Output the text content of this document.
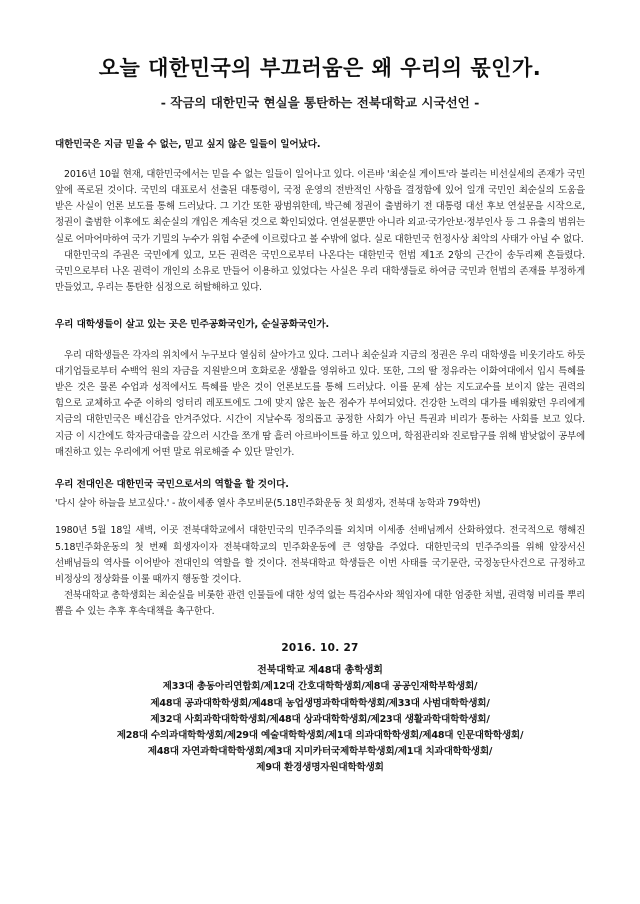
오늘 대한민국의 부끄러움은 왜 우리의 몫인가.

- 작금의 대한민국 현실을 통탄하는 전북대학교 시국선언 -

대한민국은 지금 믿을 수 없는, 믿고 싶지 않은 일들이 일어났다.

2016년 10월 현재, 대한민국에서는 믿을 수 없는 일들이 일어나고 있다. 이른바 '최순실 게이트'라 불리는 비선실세의 존재가 국민 앞에 폭로된 것이다. 국민의 대표로서 선출된 대통령이, 국정 운영의 전반적인 사항을 결정함에 있어 일개 국민인 최순실의 도움을 받은 사실이 언론 보도를 통해 드러났다. 그 기간 또한 광범위한데, 박근혜 정권이 출범하기 전 대통령 대선 후보 연설문을 시작으로, 정권이 출범한 이후에도 최순실의 개입은 계속된 것으로 확인되었다. 연설문뿐만 아니라 외교·국가안보·정부인사 등 그 유출의 범위는 실로 어마어마하여 국가 기밀의 누수가 위험 수준에 이르렀다고 볼 수밖에 없다. 실로 대한민국 헌정사상 최악의 사태가 아닐 수 없다.

대한민국의 주권은 국민에게 있고, 모든 권력은 국민으로부터 나온다는 대한민국 헌법 제1조 2항의 근간이 송두리째 흔들렸다. 국민으로부터 나온 권력이 개인의 소유로 만들어 이용하고 있었다는 사실은 우리 대학생들로 하여금 국민과 헌법의 존재를 부정하게 만들었고, 우리는 통탄한 심정으로 허탈해하고 있다.

우리 대학생들이 살고 있는 곳은 민주공화국인가, 순실공화국인가.

우리 대학생들은 각자의 위치에서 누구보다 열심히 살아가고 있다. 그러나 최순실과 지금의 정권은 우리 대학생을 비웃기라도 하듯 대기업들로부터 수백억 원의 자금을 지원받으며 호화로운 생활을 영위하고 있다. 또한, 그의 딸 정유라는 이화여대에서 입시 특혜를 받은 것은 물론 수업과 성적에서도 특혜를 받은 것이 언론보도를 통해 드러났다. 이를 문제 삼는 지도교수를 보이지 않는 권력의 힘으로 교체하고 수준 이하의 엉터리 레포트에도 그에 맞지 않은 높은 점수가 부여되었다. 건강한 노력의 대가를 배워왔던 우리에게 지금의 대한민국은 배신감을 안겨주었다. 시간이 지날수록 정의롭고 공정한 사회가 아닌 특권과 비리가 통하는 사회를 보고 있다. 지금 이 시간에도 학자금대출을 갚으러 시간을 쪼개 땀 흘러 아르바이트를 하고 있으며, 학점관리와 진로탐구를 위해 밤낮없이 공부에 매진하고 있는 우리에게 어떤 말로 위로해줄 수 있단 말인가.

우리 전대인은 대한민국 국민으로서의 역할을 할 것이다.

'다시 살아 하늘을 보고싶다.' - 故이세종 열사 추모비문(5.18민주화운동 첫 희생자, 전북대 농학과 79학번)

1980년 5월 18일 새벽, 이곳 전북대학교에서 대한민국의 민주주의를 외치며 이세종 선배님께서 산화하였다. 전국적으로 행해진 5.18민주화운동의 첫 번째 희생자이자 전북대학교의 민주화운동에 큰 영향을 주었다. 대한민국의 민주주의를 위해 앞장서신 선배님들의 역사를 이어받아 전대인의 역할을 할 것이다. 전북대학교 학생들은 이번 사태를 국기문란, 국정농단사건으로 규정하고 비정상의 정상화를 이룰 때까지 행동할 것이다.

전북대학교 총학생회는 최순실을 비롯한 관련 인물들에 대한 성역 없는 특검수사와 책임자에 대한 엄중한 처벌, 권력형 비리를 뿌리 뽑을 수 있는 추후 후속대책을 촉구한다.

2016. 10. 27

전북대학교 제48대 총학생회

제33대 총동아리연합회/제12대 간호대학학생회/제8대 공공인재학부학생회/

제48대 공과대학학생회/제48대 농업생명과학대학학생회/제33대 사범대학학생회/

제32대 사회과학대학학생회/제48대 상과대학학생회/제23대 생활과학대학학생회/

제28대 수의과대학학생회/제29대 예술대학학생회/제1대 의과대학학생회/제48대 인문대학학생회/

제48대 자연과학대학학생회/제3대 지미카터국제학부학생회/제1대 치과대학학생회/

제9대 환경생명자원대학학생회
